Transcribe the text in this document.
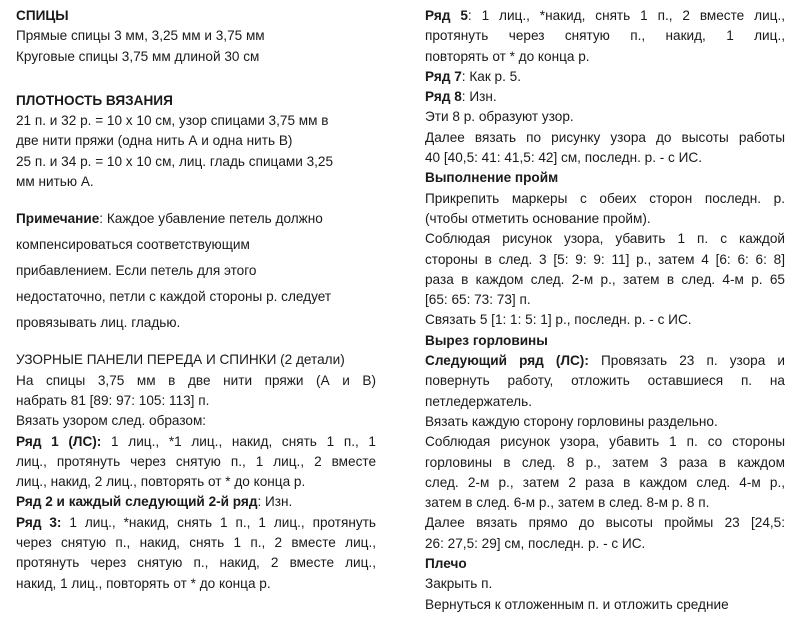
СПИЦЫ
Прямые спицы 3 мм, 3,25 мм и 3,75 мм
Круговые спицы 3,75 мм длиной 30 см
ПЛОТНОСТЬ ВЯЗАНИЯ
21 п. и 32 р. = 10 х 10 см, узор спицами 3,75 мм в
две нити пряжи (одна нить А и одна нить В)
25 п. и 34 р. = 10 х 10 см, лиц. гладь спицами 3,25
мм нитью А.
Примечание: Каждое убавление петель должно
компенсироваться соответствующим
прибавлением. Если петель для этого
недостаточно, петли с каждой стороны р. следует
провязывать лиц. гладью.
УЗОРНЫЕ ПАНЕЛИ ПЕРЕДА И СПИНКИ (2 детали)
На спицы 3,75 мм в две нити пряжи (А и В)
набрать 81 [89: 97: 105: 113] п.
Вязать узором след. образом:
Ряд 1 (ЛС): 1 лиц., *1 лиц., накид, снять 1 п., 1
лиц., протянуть через снятую п., 1 лиц., 2 вместе
лиц., накид, 2 лиц., повторять от * до конца р.
Ряд 2 и каждый следующий 2-й ряд: Изн.
Ряд 3: 1 лиц., *накид, снять 1 п., 1 лиц., протянуть
через снятую п., накид, снять 1 п., 2 вместе лиц.,
протянуть через снятую п., накид, 2 вместе лиц.,
накид, 1 лиц., повторять от * до конца р.
Ряд 5: 1 лиц., *накид, снять 1 п., 2 вместе лиц.,
протянуть через снятую п., накид, 1 лиц.,
повторять от * до конца р.
Ряд 7: Как р. 5.
Ряд 8: Изн.
Эти 8 р. образуют узор.
Далее вязать по рисунку узора до высоты работы
40 [40,5: 41: 41,5: 42] см, последн. р. - с ИС.
Выполнение пройм
Прикрепить маркеры с обеих сторон последн. р.
(чтобы отметить основание пройм).
Соблюдая рисунок узора, убавить 1 п. с каждой
стороны в след. 3 [5: 9: 9: 11] р., затем 4 [6: 6: 6: 8]
раза в каждом след. 2-м р., затем в след. 4-м р. 65
[65: 65: 73: 73] п.
Связать 5 [1: 1: 5: 1] р., последн. р. - с ИС.
Вырез горловины
Следующий ряд (ЛС): Провязать 23 п. узора и
повернуть работу, отложить оставшиеся п. на
петледержатель.
Вязать каждую сторону горловины раздельно.
Соблюдая рисунок узора, убавить 1 п. со стороны
горловины в след. 8 р., затем 3 раза в каждом
след. 2-м р., затем 2 раза в каждом след. 4-м р.,
затем в след. 6-м р., затем в след. 8-м р. 8 п.
Далее вязать прямо до высоты проймы 23 [24,5:
26: 27,5: 29] см, последн. р. - с ИС.
Плечо
Закрыть п.
Вернуться к отложенным п. и отложить средние
